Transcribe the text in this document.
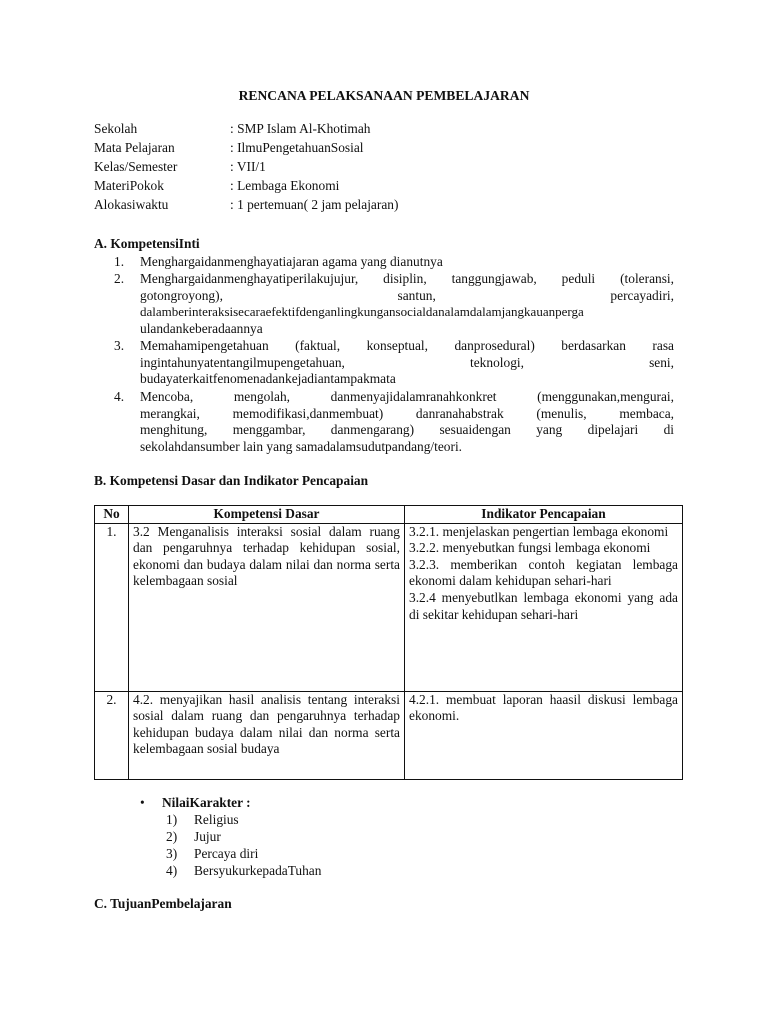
RENCANA PELAKSANAAN PEMBELAJARAN
Sekolah	: SMP Islam Al-Khotimah
Mata Pelajaran	: IlmuPengetahuanSosial
Kelas/Semester	: VII/1
MateriPokok	: Lembaga Ekonomi
Alokasiwaktu	: 1 pertemuan( 2 jam pelajaran)
A. KompetensiInti
1. Menghargaidanmenghayatiajaran agama yang dianutnya
2. Menghargaidanmenghayatiperilakujujur, disiplin, tanggungjawab, peduli (toleransi,
gotongroyong), santun, percayadiri,
dalamberinteraksisecaraefektifdenganlingkungansocialdanalamdalamjangkauanperga
ulandankeberadaannya
3. Memahamipengetahuan (faktual, konseptual, danprosedural) berdasarkan rasa
ingintahunyatentangilmupengetahuan, teknologi, seni,
budayaterkaitfenomenadankejadiantampakmata
4. Mencoba, mengolah, danmenyajidalamranahkonkret (menggunakan,mengurai,
merangkai, memodifikasi,danmembuat) danranahabstrak (menulis, membaca,
menghitung, menggambar, danmengarang) sesuaidengan yang dipelajari di
sekolahdansumber lain yang samadalamsudutpandang/teori.
B. Kompetensi Dasar dan Indikator Pencapaian
No	Kompetensi Dasar	Indikator Pencapaian
1.	3.2 Menganalisis interaksi sosial dalam ruang dan pengaruhnya terhadap kehidupan sosial, ekonomi dan budaya dalam nilai dan norma serta kelembagaan sosial	3.2.1. menjelaskan pengertian lembaga ekonomi
3.2.2. menyebutkan fungsi lembaga ekonomi
3.2.3. memberikan contoh kegiatan lembaga ekonomi dalam kehidupan sehari-hari
3.2.4 menyebutlkan lembaga ekonomi yang ada di sekitar kehidupan sehari-hari

2.	4.2. menyajikan hasil analisis tentang interaksi sosial dalam ruang dan pengaruhnya terhadap kehidupan budaya dalam nilai dan norma serta kelembagaan sosial budaya	4.2.1. membuat laporan haasil diskusi lembaga ekonomi.
• NilaiKarakter :
1) Religius
2) Jujur
3) Percaya diri
4) BersyukurkepadaTuhan
C. TujuanPembelajaran
